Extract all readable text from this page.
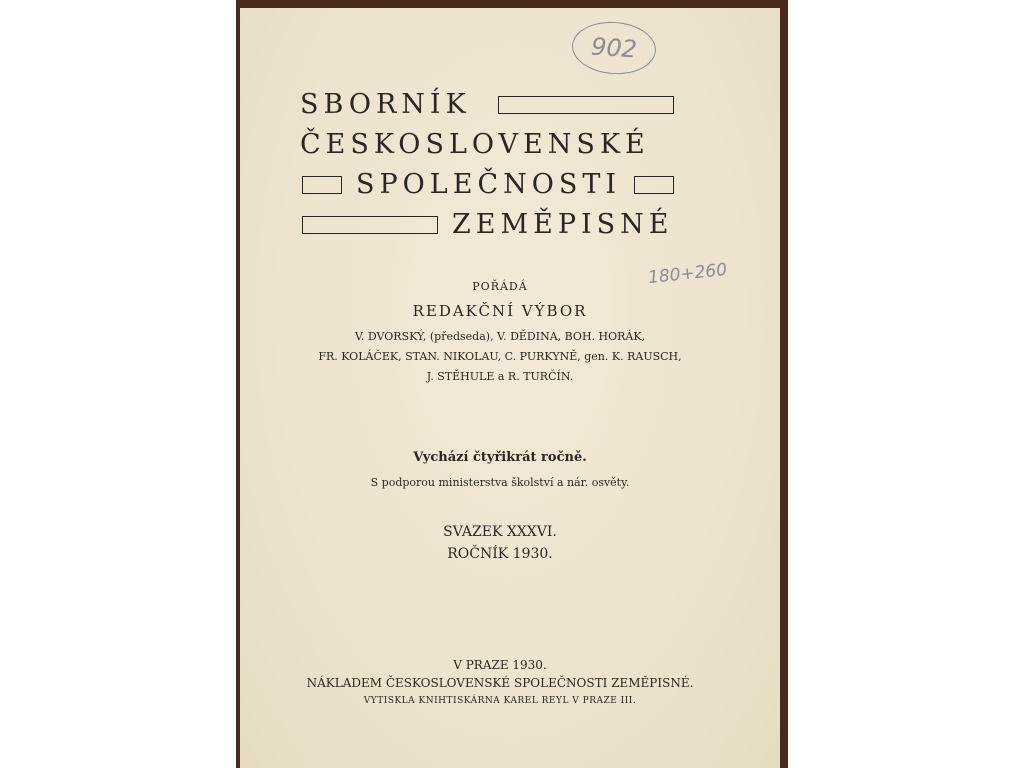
902
180+260
SBORNÍK
ČESKOSLOVENSKÉ
SPOLEČNOSTI
ZEMĚPISNÉ
POŘÁDÁ
REDAKČNÍ VÝBOR
V. DVORSKÝ, (předseda), V. DĚDINA, BOH. HORÁK,
FR. KOLÁČEK, STAN. NIKOLAU, C. PURKYNĚ, gen. K. RAUSCH,
J. STĚHULE a R. TURČÍN.
Vychází čtyřikrát ročně.
S podporou ministerstva školství a nár. osvěty.
SVAZEK XXXVI.
ROČNÍK 1930.
V PRAZE 1930.
NÁKLADEM ČESKOSLOVENSKÉ SPOLEČNOSTI ZEMĚPISNÉ.
VYTISKLA KNIHTISKÁRNA KAREL REYL V PRAZE III.
